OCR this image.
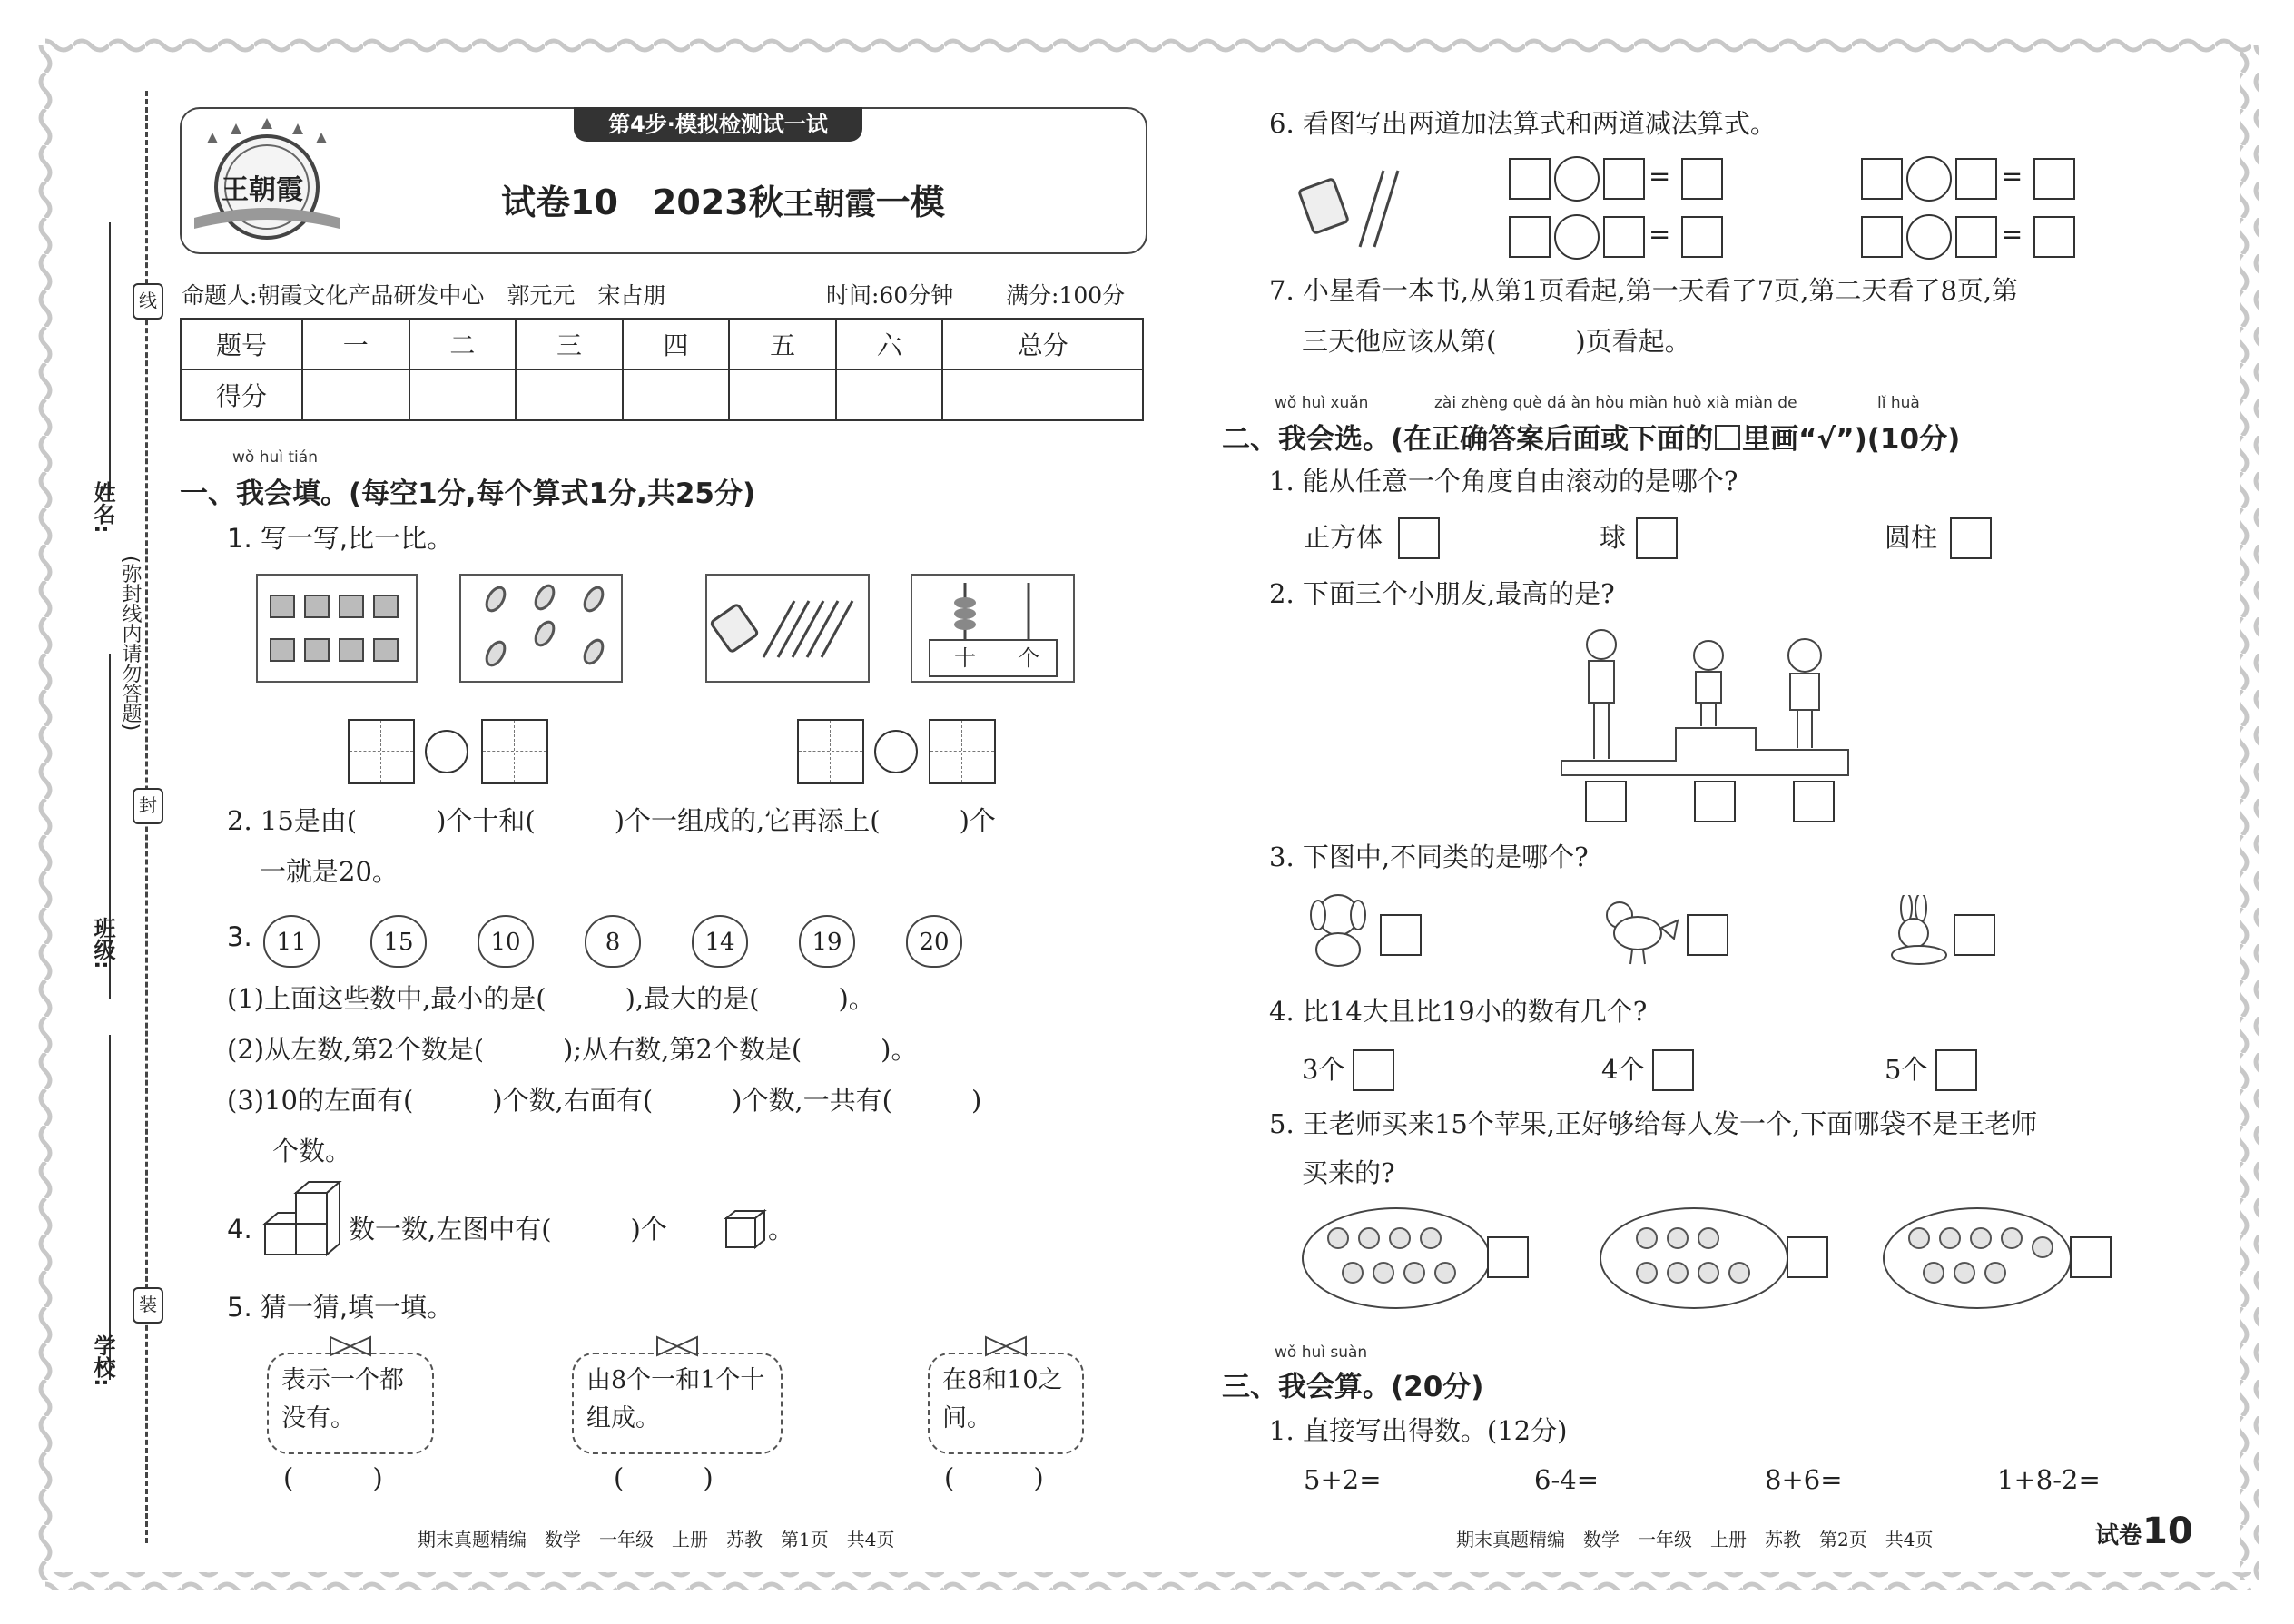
线
封
装
(弥封线内请勿答题)
学校:
班级:
姓名:
王朝霞
第4步·模拟检测试一试
试卷10　2023秋王朝霞一模
命题人:朝霞文化产品研发中心　郭元元　宋占朋	时间:60分钟 满分:100分
题号	一	二	三	四	五	六	总分
得分							
wǒ huì tián
一、我会填。(每空1分,每个算式1分,共25分)
1. 写一写,比一比。
十 个
2. 15是由(　　　)个十和(　　　)个一组成的,它再添上(　　　)个
一就是20。
3.	11	15	10	8	14	19	20
(1)上面这些数中,最小的是(　　　),最大的是(　　　)。
(2)从左数,第2个数是(　　　);从右数,第2个数是(　　　)。
(3)10的左面有(　　　)个数,右面有(　　　)个数,一共有(　　　)
个数。
4.	数一数,左图中有(　　　)个	。
5. 猜一猜,填一填。
表示一个都没有。
由8个一和1个十组成。
在8和10之间。
(　　　)	(　　　)	(　　　)
期末真题精编　数学　一年级　上册　苏教　第1页　共4页
6. 看图写出两道加法算式和两道减法算式。
=
=
=
=
7. 小星看一本书,从第1页看起,第一天看了7页,第二天看了8页,第
三天他应该从第(　　　)页看起。
wǒ huì xuǎn	zài zhèng què dá àn hòu miàn huò xià miàn de	lǐ huà
二、我会选。(在正确答案后面或下面的 里画“√”)(10分)
1. 能从任意一个角度自由滚动的是哪个?
正方体	球	圆柱
2. 下面三个小朋友,最高的是?
3. 下图中,不同类的是哪个?
4. 比14大且比19小的数有几个?
3个	4个	5个
5. 王老师买来15个苹果,正好够给每人发一个,下面哪袋不是王老师
买来的?
wǒ huì suàn
三、我会算。(20分)
1. 直接写出得数。(12分)
5+2=	6-4=	8+6=	1+8-2=
期末真题精编　数学　一年级　上册　苏教　第2页　共4页	试卷10
